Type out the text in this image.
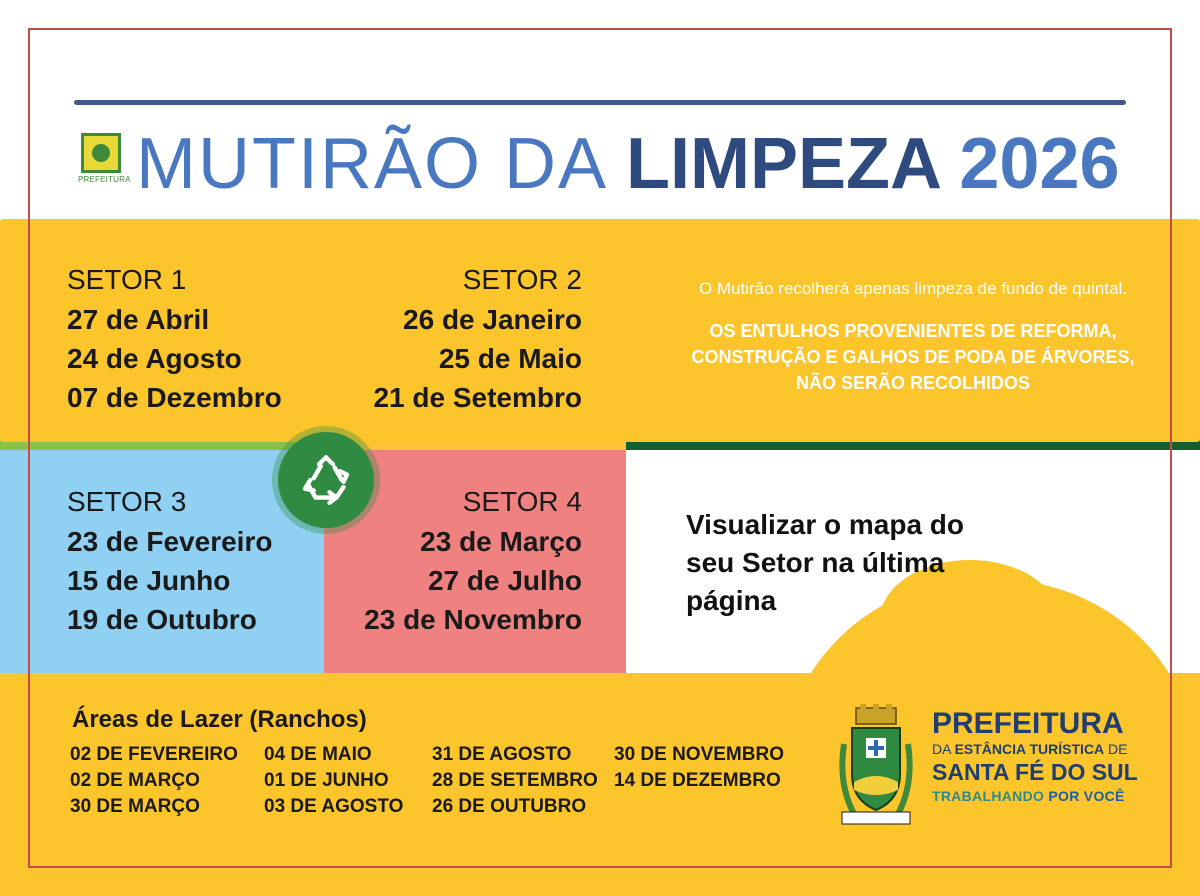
PREFEITURA MUTIRÃO DA LIMPEZA 2026
SETOR 1
27 de Abril
24 de Agosto
07 de Dezembro
SETOR 2
26 de Janeiro
25 de Maio
21 de Setembro
SETOR 3
23 de Fevereiro
15 de Junho
19 de Outubro
SETOR 4
23 de Março
27 de Julho
23 de Novembro
O Mutirão recolherá apenas limpeza de fundo de quintal.
OS ENTULHOS PROVENIENTES DE REFORMA,
CONSTRUÇÃO E GALHOS DE PODA DE ÁRVORES,
NÃO SERÃO RECOLHIDOS
Visualizar o mapa do
seu Setor na última
página
Áreas de Lazer (Ranchos)
02 DE FEVEREIRO
02 DE MARÇO
30 DE MARÇO
04 DE MAIO
01 DE JUNHO
03 DE AGOSTO
31 DE AGOSTO
28 DE SETEMBRO
26 DE OUTUBRO
30 DE NOVEMBRO
14 DE DEZEMBRO
PREFEITURA
DA ESTÂNCIA TURÍSTICA DE
SANTA FÉ DO SUL
TRABALHANDO POR VOCÊ
